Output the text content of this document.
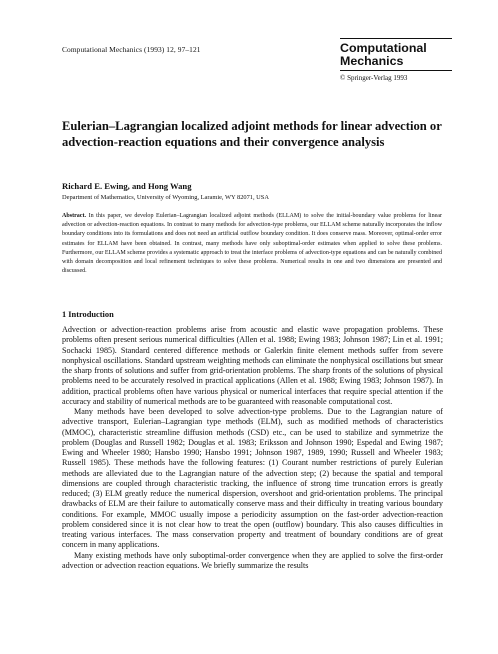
Computational Mechanics (1993) 12, 97–121	Computational
Mechanics
© Springer-Verlag 1993
Eulerian–Lagrangian localized adjoint methods for linear advection or advection-reaction equations and their convergence analysis
Richard E. Ewing, and Hong Wang
Department of Mathematics, University of Wyoming, Laramie, WY 82071, USA
Abstract. In this paper, we develop Eulerian–Lagrangian localized adjoint methods (ELLAM) to solve the initial-boundary value problems for linear advection or advection-reaction equations. In contrast to many methods for advection-type problems, our ELLAM scheme naturally incorporates the inflow boundary conditions into its formulations and does not need an artificial outflow boundary condition. It does conserve mass. Moreover, optimal-order error estimates for ELLAM have been obtained. In contrast, many methods have only suboptimal-order estimates when applied to solve these problems. Furthermore, our ELLAM scheme provides a systematic approach to treat the interface problems of advection-type equations and can be naturally combined with domain decomposition and local refinement techniques to solve these problems. Numerical results in one and two dimensions are presented and discussed.
1 Introduction

Advection or advection-reaction problems arise from acoustic and elastic wave propagation problems. These problems often present serious numerical difficulties (Allen et al. 1988; Ewing 1983; Johnson 1987; Lin et al. 1991; Sochacki 1985). Standard centered difference methods or Galerkin finite element methods suffer from severe nonphysical oscillations. Standard upstream weighting methods can eliminate the nonphysical oscillations but smear the sharp fronts of solutions and suffer from grid-orientation problems. The sharp fronts of the solutions of physical problems need to be accurately resolved in practical applications (Allen et al. 1988; Ewing 1983; Johnson 1987). In addition, practical problems often have various physical or numerical interfaces that require special attention if the accuracy and stability of numerical methods are to be guaranteed with reasonable computational cost.

Many methods have been developed to solve advection-type problems. Due to the Lagrangian nature of advective transport, Eulerian–Lagrangian type methods (ELM), such as modified methods of characteristics (MMOC), characteristic streamline diffusion methods (CSD) etc., can be used to stabilize and symmetrize the problem (Douglas and Russell 1982; Douglas et al. 1983; Eriksson and Johnson 1990; Espedal and Ewing 1987; Ewing and Wheeler 1980; Hansbo 1990; Hansbo 1991; Johnson 1987, 1989, 1990; Russell and Wheeler 1983; Russell 1985). These methods have the following features: (1) Courant number restrictions of purely Eulerian methods are alleviated due to the Lagrangian nature of the advection step; (2) because the spatial and temporal dimensions are coupled through characteristic tracking, the influence of strong time truncation errors is greatly reduced; (3) ELM greatly reduce the numerical dispersion, overshoot and grid-orientation problems. The principal drawbacks of ELM are their failure to automatically conserve mass and their difficulty in treating various boundary conditions. For example, MMOC usually impose a periodicity assumption on the fast-order advection-reaction problem considered since it is not clear how to treat the open (outflow) boundary. This also causes difficulties in treating various interfaces. The mass conservation property and treatment of boundary conditions are of great concern in many applications.

Many existing methods have only suboptimal-order convergence when they are applied to solve the first-order advection or advection reaction equations. We briefly summarize the results
